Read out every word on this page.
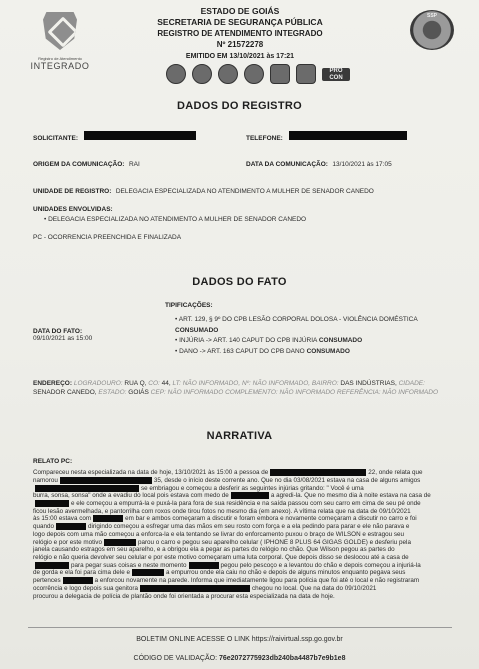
Registro de Atendimento
INTEGRADO
ESTADO DE GOIÁS
SECRETARIA DE SEGURANÇA PÚBLICA
REGISTRO DE ATENDIMENTO INTEGRADO
Nº 21572278
EMITIDO EM 13/10/2021 às 17:21
SSP
PRO
CON
DADOS DO REGISTRO
SOLICITANTE:	TELEFONE:
ORIGEM DA COMUNICAÇÃO: RAI	DATA DA COMUNICAÇÃO: 13/10/2021 às 17:05
UNIDADE DE REGISTRO: DELEGACIA ESPECIALIZADA NO ATENDIMENTO A MULHER DE SENADOR CANEDO
UNIDADES ENVOLVIDAS:
• DELEGACIA ESPECIALIZADA NO ATENDIMENTO A MULHER DE SENADOR CANEDO
PC - OCORRENCIA PREENCHIDA E FINALIZADA
DADOS DO FATO
TIPIFICAÇÕES:
DATA DO FATO:
09/10/2021 as 15:00
• ART. 129, § 9º DO CPB LESÃO CORPORAL DOLOSA - VIOLÊNCIA DOMÉSTICA
CONSUMADO
• INJÚRIA -> ART. 140 CAPUT DO CPB INJÚRIA CONSUMADO
• DANO -> ART. 163 CAPUT DO CPB DANO CONSUMADO
ENDEREÇO: LOGRADOURO: RUA Q, CO: 44, LT: NÃO INFORMADO, Nº: NÃO INFORMADO, BAIRRO: DAS INDÚSTRIAS, CIDADE: SENADOR CANEDO, ESTADO: GOIÁS CEP: NÃO INFORMADO COMPLEMENTO: NÃO INFORMADO REFERÊNCIA: NÃO INFORMADO
NARRATIVA
RELATO PC:
Compareceu nesta especializada na data de hoje, 13/10/2021 às 15:00 a pessoa de	22, onde relata que
namorou	35, desde o início deste corrente ano. Que no dia 03/08/2021 estava na casa de alguns amigos
se embriagou e começou a desferir as seguintes injúrias gritando: " Você é uma
burra, sonsa, sonsa" onde a evadiu do local pois estava com medo de	a agredi-la. Que no mesmo dia à noite estava na casa de
e ele começou a empurrá-la e puxá-la para fora de sua residência e na saída passou com seu carro em cima de seu pé onde
ficou lesão avermelhada, e pantorrilha com roxos onde tirou fotos no mesmo dia (em anexo). A vítima relata que na data de 09/10/2021
às 15:00 estava com	em bar e ambos começaram a discutir e foram embora e novamente começaram a discutir no carro e foi
quando	dirigindo começou a esfregar uma das mãos em seu rosto com força e a ela pedindo para parar e ele não parava e
logo depois com uma mão começou a enforca-la e ela tentando se livrar do enforcamento puxou o braço de WILSON e estragou seu
relógio e por este motivo	parou o carro e pegou seu aparelho celular ( IPHONE 8 PLUS 64 GIGAS GOLDE) e desferiu pela
janela causando estragos em seu aparelho, e a obrigou ela a pegar as partes do relógio no chão. Que Wilson pegou as partes do
relógio e não queria devolver seu celular e por este motivo começaram uma luta corporal. Que depois disso se deslocou até a casa de
para pegar suas coisas e neste momento	pegou pelo pescoço e a levantou do chão e depois começou a injuriá-la
de gorda e ela foi para cima dele e	a empurrou onde ela caiu no chão e depois de alguns minutos enquanto pegava seus
pertences	a enforcou novamente na parede. Informa que imediatamente ligou para polícia que foi até o local e não registraram
ocorrência e logo depois sua genitora	chegou no local. Que na data do 09/10/2021
procurou a delegacia de polícia de plantão onde foi orientada a procurar esta especializada na data de hoje.
BOLETIM ONLINE ACESSE O LINK https://raivirtual.ssp.go.gov.br
CÓDIGO DE VALIDAÇÃO: 76e2072775923db240ba4487b7e9b1e8
